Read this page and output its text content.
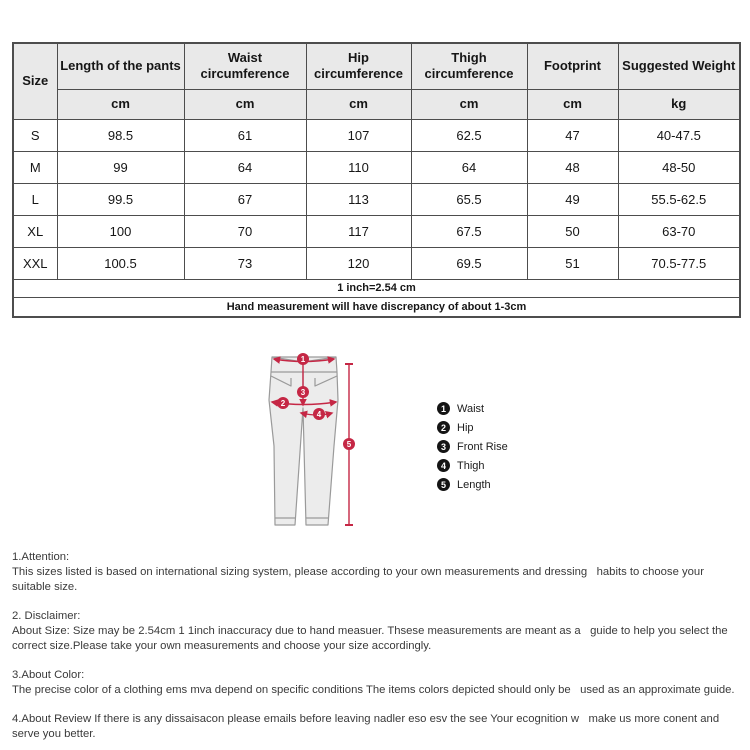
Size	Length of the pants	Waist circumference	Hip circumference	Thigh circumference	Footprint	Suggested Weight
	cm	cm	cm	cm	cm	kg
S	98.5	61	107	62.5	47	40-47.5
M	99	64	110	64	48	48-50
L	99.5	67	113	65.5	49	55.5-62.5
XL	100	70	117	67.5	50	63-70
XXL	100.5	73	120	69.5	51	70.5-77.5
1 inch=2.54 cm						
Hand measurement will have discrepancy of about 1-3cm						
1
2
3
4
5
1	Waist
2	Hip
3	Front Rise
4	Thigh
5	Length
1.Attention:
This sizes listed is based on international sizing system, please according to your own measurements and dressing   habits to choose your suitable size.
2. Disclaimer:
About Size: Size may be 2.54cm 1 1inch inaccuracy due to hand measuer. Thsese measurements are meant as a   guide to help you select the correct size.Please take your own measurements and choose your size accordingly.
3.About Color:
The precise color of a clothing ems mva depend on specific conditions The items colors depicted should only be   used as an approximate guide.
4.About Review If there is any dissaisacon please emails before leaving nadler eso esv the see Your ecognition w   make us more conent and serve you better.
